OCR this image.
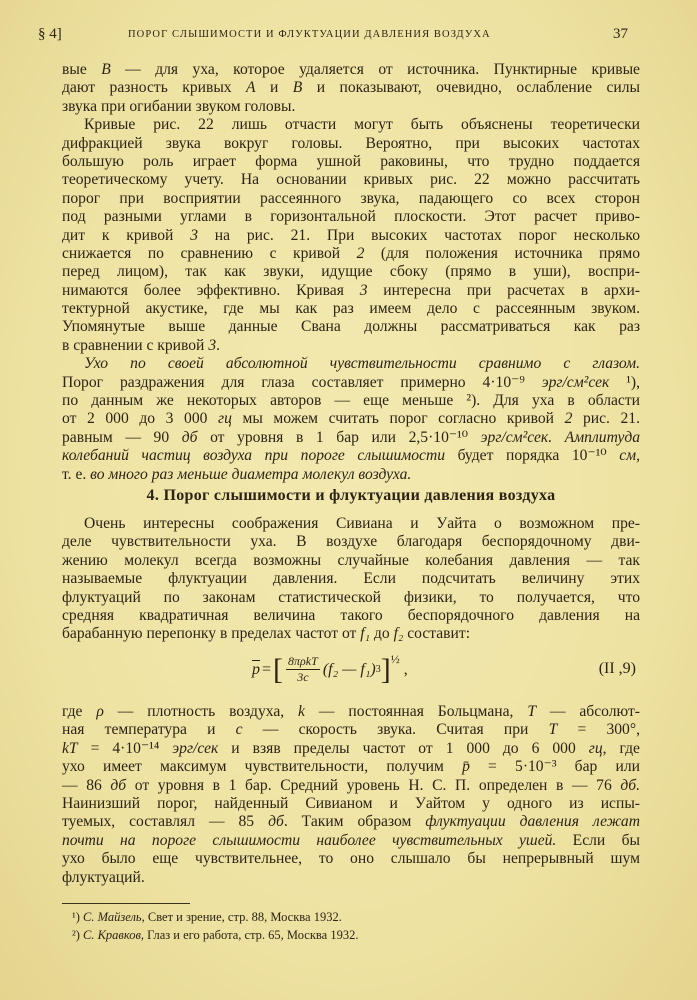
§ 4]	ПОРОГ СЛЫШИМОСТИ И ФЛУКТУАЦИИ ДАВЛЕНИЯ ВОЗДУХА	37
вые B — для уха, которое удаляется от источника. Пунктирные кривые
дают разность кривых A и B и показывают, очевидно, ослабление силы
звука при огибании звуком головы.
Кривые рис. 22 лишь отчасти могут быть объяснены теоретически
дифракцией звука вокруг головы. Вероятно, при высоких частотах
большую роль играет форма ушной раковины, что трудно поддается
теоретическому учету. На основании кривых рис. 22 можно рассчитать
порог при восприятии рассеянного звука, падающего со всех сторон
под разными углами в горизонтальной плоскости. Этот расчет приво-
дит к кривой 3 на рис. 21. При высоких частотах порог несколько
снижается по сравнению с кривой 2 (для положения источника прямо
перед лицом), так как звуки, идущие сбоку (прямо в уши), воспри-
нимаются более эффективно. Кривая 3 интересна при расчетах в архи-
тектурной акустике, где мы как раз имеем дело с рассеянным звуком.
Упомянутые выше данные Свана должны рассматриваться как раз
в сравнении с кривой 3.
Ухо по своей абсолютной чувствительности сравнимо с глазом.
Порог раздражения для глаза составляет примерно 4·10⁻⁹ эрг/см²сек ¹),
по данным же некоторых авторов — еще меньше ²). Для уха в области
от 2 000 до 3 000 гц мы можем считать порог согласно кривой 2 рис. 21.
равным — 90 дб от уровня в 1 бар или 2,5·10⁻¹⁰ эрг/см²сек. Амплитуда
колебаний частиц воздуха при пороге слышимости будет порядка 10⁻¹⁰ см,
т. е. во много раз меньше диаметра молекул воздуха.
Очень интересны соображения Сивиана и Уайта о возможном пре-
деле чувствительности уха. В воздухе благодаря беспорядочному дви-
жению молекул всегда возможны случайные колебания давления — так
называемые флуктуации давления. Если подсчитать величину этих
флуктуаций по законам статистической физики, то получается, что
средняя квадратичная величина такого беспорядочного давления на
барабанную перепонку в пределах частот от f₁ до f₂ составит:
где ρ — плотность воздуха, k — постоянная Больцмана, T — абсолют-
ная температура и c — скорость звука. Считая при T = 300°,
kT = 4·10⁻¹⁴ эрг/сек и взяв пределы частот от 1 000 до 6 000 гц, где
ухо имеет максимум чувствительности, получим p̄ = 5·10⁻³ бар или
— 86 дб от уровня в 1 бар. Средний уровень Н. С. П. определен в — 76 дб.
Наинизший порог, найденный Сивианом и Уайтом у одного из испы-
туемых, составлял — 85 дб. Таким образом флуктуации давления лежат
почти на пороге слышимости наиболее чувствительных ушей. Если бы
ухо было еще чувствительнее, то оно слышало бы непрерывный шум
флуктуаций.
4. Порог слышимости и флуктуации давления воздуха
$\overline{p}$ = [ $\frac{\text{8πρkT}}{3c} (f_2$ — f₁) 3 ] ½
,	(II ,9)
¹) С. Майзель, Свет и зрение, стр. 88, Москва 1932.
²) С. Кравков, Глаз и его работа, стр. 65, Москва 1932.
